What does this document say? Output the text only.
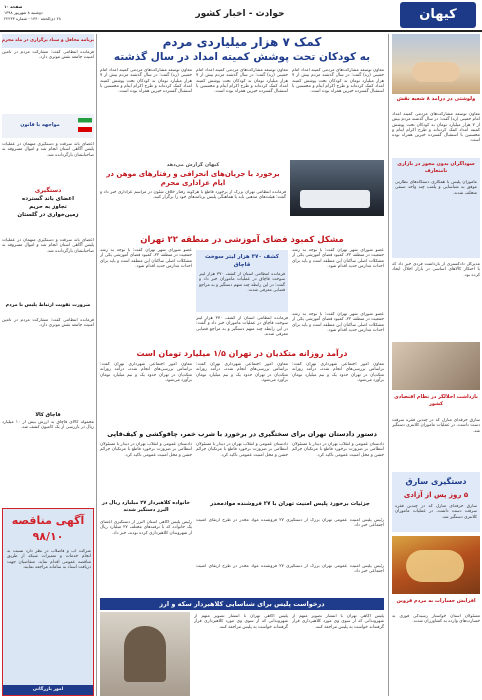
صفحه ۱۰
دوشنبه ۸ شهریور ۱۳۹۸
۲۸ ذی‌الحجه ۱۴۴۰ - شماره ۲۲۲۴۳	حوادث - اخبار کشور	کیهان
ولوشتی در درآمد ۸ شعبه نقش
معاون توسعه مشارکت‌های مردمی کمیته امداد امام خمینی (ره) گفت: در سال گذشته مردم بیش از ۷ هزار میلیارد تومان به کودکان تحت پوشش کمیته امداد کمک کرده‌اند و طرح اکرام ایتام و محسنین با استقبال گسترده خیرین همراه بوده است.
سوداگران بدون مجوز در بازاری نامتعارف
ماموران پلیس با همکاری دستگاه‌های نظارتی موفق به شناسایی و پلمب چند واحد صنفی متخلف شدند.
مدیرکل دادگستری از بازداشت فردی خبر داد که با احتکار کالاهای اساسی در بازار اخلال ایجاد کرده بود.
بازداشت اخلالگر در نظام اقتصادی کشور
سارق حرفه‌ای منازل که در چندین فقره سرقت دست داشت، در عملیات ماموران کلانتری دستگیر شد.
دستگیری سارق
۵ روز پس از آزادی
سارق حرفه‌ای منازل که در چندین فقره سرقت دست داشت، در عملیات ماموران کلانتری دستگیر شد.
افزایش خسارات به مردم قزوین
مسئولان استان خواستار رسیدگی فوری به خسارت‌های وارده به کشاورزان شدند.
کمک ۷ هزار میلیاردی مردم
به کودکان تحت پوشش کمیته امداد در سال گذشته
معاون توسعه مشارکت‌های مردمی کمیته امداد امام خمینی (ره) گفت: در سال گذشته مردم بیش از ۷ هزار میلیارد تومان به کودکان تحت پوشش کمیته امداد کمک کرده‌اند و طرح اکرام ایتام و محسنین با استقبال گسترده خیرین همراه بوده است.
معاون توسعه مشارکت‌های مردمی کمیته امداد امام خمینی (ره) گفت: در سال گذشته مردم بیش از ۷ هزار میلیارد تومان به کودکان تحت پوشش کمیته امداد کمک کرده‌اند و طرح اکرام ایتام و محسنین با استقبال گسترده خیرین همراه بوده است.
معاون توسعه مشارکت‌های مردمی کمیته امداد امام خمینی (ره) گفت: در سال گذشته مردم بیش از ۷ هزار میلیارد تومان به کودکان تحت پوشش کمیته امداد کمک کرده‌اند و طرح اکرام ایتام و محسنین با استقبال گسترده خیرین همراه بوده است.
کیهان گزارش می‌دهد
برخورد با جریان‌های انحرافی و رفتارهای موهن در ایام عزاداری محرم
فرمانده انتظامی تهران بزرگ از برخورد قاطع با هرگونه رفتار خلاف شئون در مراسم عزاداری خبر داد و گفت: هیئت‌های مذهبی باید با هماهنگی پلیس برنامه‌های خود را برگزار کنند.
مشکل کمبود فضای آموزشی در منطقه ۲۲ تهران
عضو شورای شهر تهران گفت: با توجه به رشد جمعیت در منطقه ۲۲، کمبود فضای آموزشی یکی از مشکلات اصلی ساکنان این منطقه است و باید برای احداث مدارس جدید اقدام شود.
کشف ۳۷۰ هزار لیتر سوخت قاچاق
فرمانده انتظامی استان از کشف ۳۷۰ هزار لیتر سوخت قاچاق در عملیات ماموران خبر داد و گفت: در این رابطه چند متهم دستگیر و به مراجع قضایی معرفی شدند.
عضو شورای شهر تهران گفت: با توجه به رشد جمعیت در منطقه ۲۲، کمبود فضای آموزشی یکی از مشکلات اصلی ساکنان این منطقه است و باید برای احداث مدارس جدید اقدام شود.
فرمانده انتظامی استان از کشف ۳۷۰ هزار لیتر سوخت قاچاق در عملیات ماموران خبر داد و گفت: در این رابطه چند متهم دستگیر و به مراجع قضایی معرفی شدند.
عضو شورای شهر تهران گفت: با توجه به رشد جمعیت در منطقه ۲۲، کمبود فضای آموزشی یکی از مشکلات اصلی ساکنان این منطقه است و باید برای احداث مدارس جدید اقدام شود.
درآمد روزانه متکدیان در تهران ۱/۵ میلیارد تومان است
معاون امور اجتماعی شهرداری تهران گفت: براساس بررسی‌های انجام شده، درآمد روزانه متکدیان در تهران حدود یک و نیم میلیارد تومان برآورد می‌شود.
معاون امور اجتماعی شهرداری تهران گفت: براساس بررسی‌های انجام شده، درآمد روزانه متکدیان در تهران حدود یک و نیم میلیارد تومان برآورد می‌شود.
معاون امور اجتماعی شهرداری تهران گفت: براساس بررسی‌های انجام شده، درآمد روزانه متکدیان در تهران حدود یک و نیم میلیارد تومان برآورد می‌شود.
دستور دادستان تهران برای سختگیری در برخورد با شرب خمر، چاقوکشی و کیف‌قاپی
دادستان عمومی و انقلاب تهران در دیدار با مسئولان انتظامی بر ضرورت برخورد قاطع با مرتکبان جرائم خشن و مخل امنیت عمومی تاکید کرد.
دادستان عمومی و انقلاب تهران در دیدار با مسئولان انتظامی بر ضرورت برخورد قاطع با مرتکبان جرائم خشن و مخل امنیت عمومی تاکید کرد.
دادستان عمومی و انقلاب تهران در دیدار با مسئولان انتظامی بر ضرورت برخورد قاطع با مرتکبان جرائم خشن و مخل امنیت عمومی تاکید کرد.
جزئیات برخورد پلیس امنیت تهران با ۲۷ فروشنده موادمخدر
رئیس پلیس امنیت عمومی تهران بزرگ از دستگیری ۲۷ فروشنده مواد مخدر در طرح ارتقای امنیت اجتماعی خبر داد.
خانواده کلاهبردار ۲۷ میلیارد ریال در البرز دستگیر شدند
رئیس پلیس آگاهی استان البرز از دستگیری اعضای یک خانواده که با ترفندهای مختلف ۲۷ میلیارد ریال از شهروندان کلاهبرداری کرده بودند، خبر داد.
رئیس پلیس امنیت عمومی تهران بزرگ از دستگیری ۲۷ فروشنده مواد مخدر در طرح ارتقای امنیت اجتماعی خبر داد.
درخواست پلیس برای شناسایی کلاهبردار سکه و ارز
پلیس آگاهی تهران با انتشار تصویر متهم از شهروندانی که از سوی وی مورد کلاهبرداری قرار گرفته‌اند خواست به پلیس مراجعه کنند.
پلیس آگاهی تهران با انتشار تصویر متهم از شهروندانی که از سوی وی مورد کلاهبرداری قرار گرفته‌اند خواست به پلیس مراجعه کنند.
برنامه محافل و ستاد برگزاری در ماه محرم
فرمانده انتظامی گفت: مشارکت مردم در تامین امنیت جامعه نقش موثری دارد.
مواجهه با قانون
اعضای باند سرقت و دستگیری متهمان در عملیات پلیس آگاهی استان انجام شد و اموال مسروقه به صاحبانشان بازگردانده شد.
دستگیری
اعضای باند گسترده
تجاوز به حریم
زمین‌خواری در گلستان
اعضای باند سرقت و دستگیری متهمان در عملیات پلیس آگاهی استان انجام شد و اموال مسروقه به صاحبانشان بازگردانده شد.
ضرورت تقویت ارتباط پلیس با مردم
فرمانده انتظامی گفت: مشارکت مردم در تامین امنیت جامعه نقش موثری دارد.
قاچاق کالا
محموله کالای قاچاق به ارزش بیش از ۱۰ میلیارد ریال در بازرسی از یک کامیون کشف شد.
آگهی مناقصه
۹۸/۱۰
شرکت آب و فاضلاب در نظر دارد نسبت به انجام خدمات و تعمیرات شبکه از طریق مناقصه عمومی اقدام نماید. متقاضیان جهت دریافت اسناد به سامانه مراجعه نمایند.
امور بازرگانی
